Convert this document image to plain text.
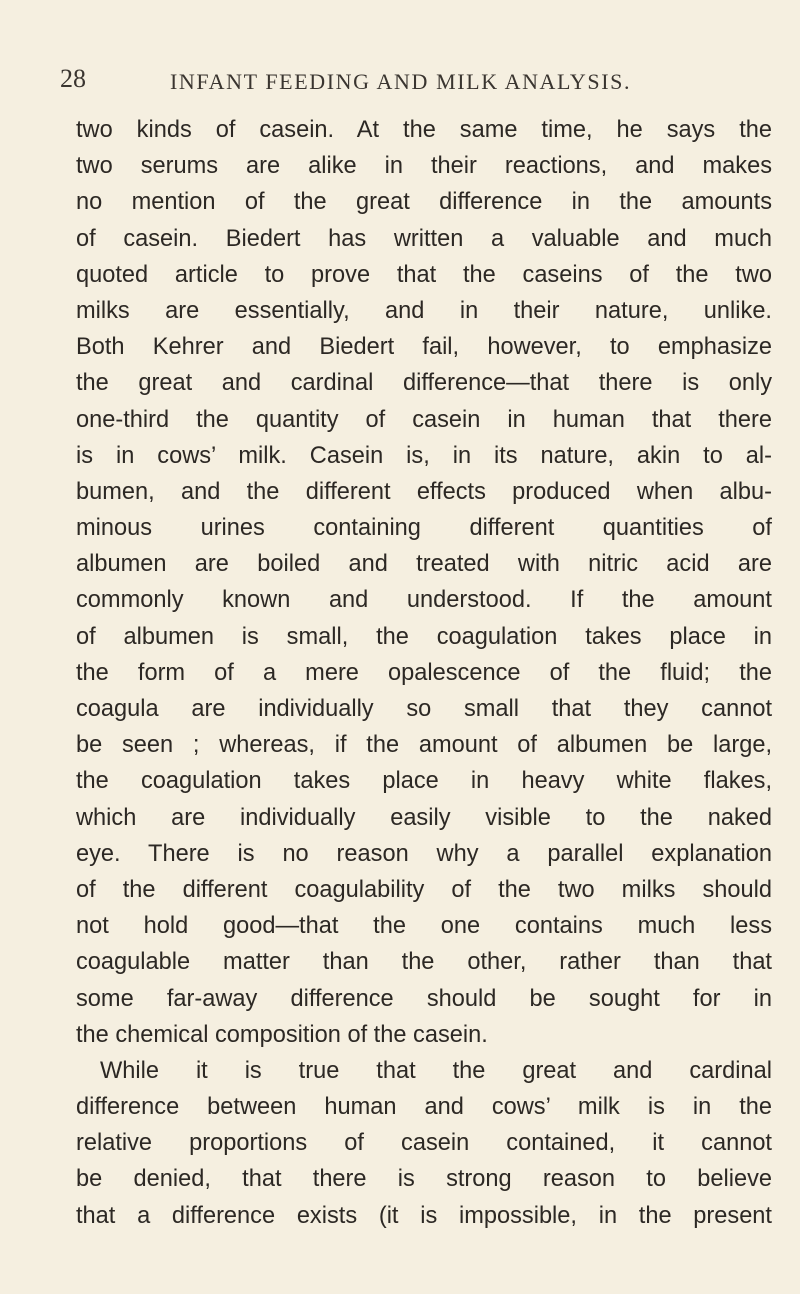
28	INFANT FEEDING AND MILK ANALYSIS.
two kinds of casein. At the same time, he says the
two serums are alike in their reactions, and makes
no mention of the great difference in the amounts
of casein. Biedert has written a valuable and much
quoted article to prove that the caseins of the two
milks are essentially, and in their nature, unlike.
Both Kehrer and Biedert fail, however, to emphasize
the great and cardinal difference—that there is only
one-third the quantity of casein in human that there
is in cows’ milk. Casein is, in its nature, akin to al-
bumen, and the different effects produced when albu-
minous urines containing different quantities of
albumen are boiled and treated with nitric acid are
commonly known and understood. If the amount
of albumen is small, the coagulation takes place in
the form of a mere opalescence of the fluid; the
coagula are individually so small that they cannot
be seen ; whereas, if the amount of albumen be large,
the coagulation takes place in heavy white flakes,
which are individually easily visible to the naked
eye. There is no reason why a parallel explanation
of the different coagulability of the two milks should
not hold good—that the one contains much less
coagulable matter than the other, rather than that
some far-away difference should be sought for in
the chemical composition of the casein.
While it is true that the great and cardinal
difference between human and cows’ milk is in the
relative proportions of casein contained, it cannot
be denied, that there is strong reason to believe
that a difference exists (it is impossible, in the present
